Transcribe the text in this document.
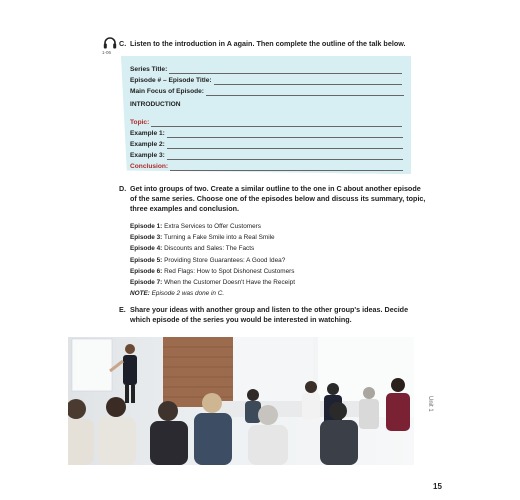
1-06
C. Listen to the introduction in A again. Then complete the outline of the talk below.
Series Title:
Episode # – Episode Title:
Main Focus of Episode:
INTRODUCTION
Topic:
Example 1:
Example 2:
Example 3:
Conclusion:
D. Get into groups of two. Create a similar outline to the one in C about another episode
of the same series. Choose one of the episodes below and discuss its summary, topic,
three examples and conclusion.
Episode 1: Extra Services to Offer Customers
Episode 3: Turning a Fake Smile into a Real Smile
Episode 4: Discounts and Sales: The Facts
Episode 5: Providing Store Guarantees: A Good Idea?
Episode 6: Red Flags: How to Spot Dishonest Customers
Episode 7: When the Customer Doesn't Have the Receipt
NOTE: Episode 2 was done in C.
E. Share your ideas with another group and listen to the other group's ideas. Decide
which episode of the series you would be interested in watching.
Unit 1
15
